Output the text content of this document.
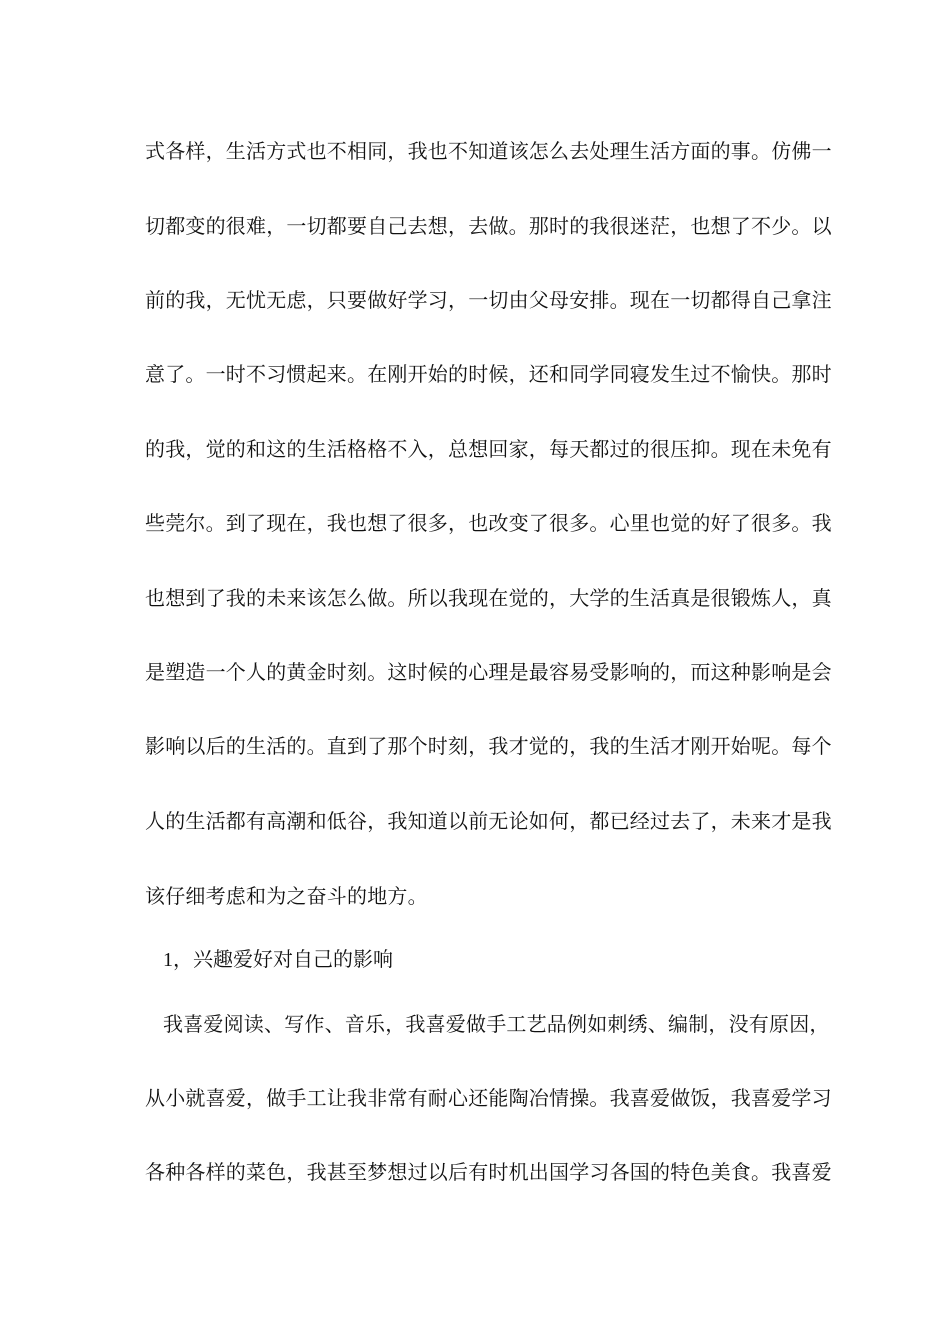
式各样，生活方式也不相同，我也不知道该怎么去处理生活方面的事。仿佛一
切都变的很难，一切都要自己去想，去做。那时的我很迷茫，也想了不少。以
前的我，无忧无虑，只要做好学习，一切由父母安排。现在一切都得自己拿注
意了。一时不习惯起来。在刚开始的时候，还和同学同寝发生过不愉快。那时
的我，觉的和这的生活格格不入，总想回家，每天都过的很压抑。现在未免有
些莞尔。到了现在，我也想了很多，也改变了很多。心里也觉的好了很多。我
也想到了我的未来该怎么做。所以我现在觉的，大学的生活真是很锻炼人，真
是塑造一个人的黄金时刻。这时候的心理是最容易受影响的，而这种影响是会
影响以后的生活的。直到了那个时刻，我才觉的，我的生活才刚开始呢。每个
人的生活都有高潮和低谷，我知道以前无论如何，都已经过去了，未来才是我
该仔细考虑和为之奋斗的地方。
1，兴趣爱好对自己的影响
我喜爱阅读、写作、音乐，我喜爱做手工艺品例如刺绣、编制，没有原因，
从小就喜爱，做手工让我非常有耐心还能陶冶情操。我喜爱做饭，我喜爱学习
各种各样的菜色，我甚至梦想过以后有时机出国学习各国的特色美食。我喜爱
